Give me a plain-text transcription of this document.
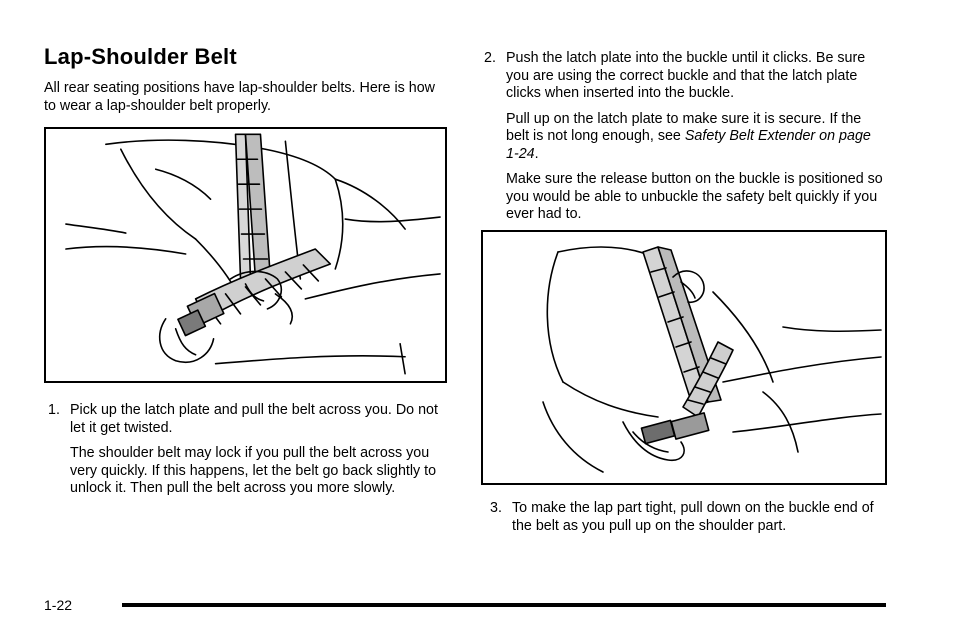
Lap-Shoulder Belt

All rear seating positions have lap-shoulder belts. Here is how to wear a lap-shoulder belt properly.

1. Pick up the latch plate and pull the belt across you. Do not let it get twisted.

The shoulder belt may lock if you pull the belt across you very quickly. If this happens, let the belt go back slightly to unlock it. Then pull the belt across you more slowly.

2. Push the latch plate into the buckle until it clicks. Be sure you are using the correct buckle and that the latch plate clicks when inserted into the buckle.

Pull up on the latch plate to make sure it is secure. If the belt is not long enough, see Safety Belt Extender on page 1-24.

Make sure the release button on the buckle is positioned so you would be able to unbuckle the safety belt quickly if you ever had to.

3. To make the lap part tight, pull down on the buckle end of the belt as you pull up on the shoulder part.

1-22
